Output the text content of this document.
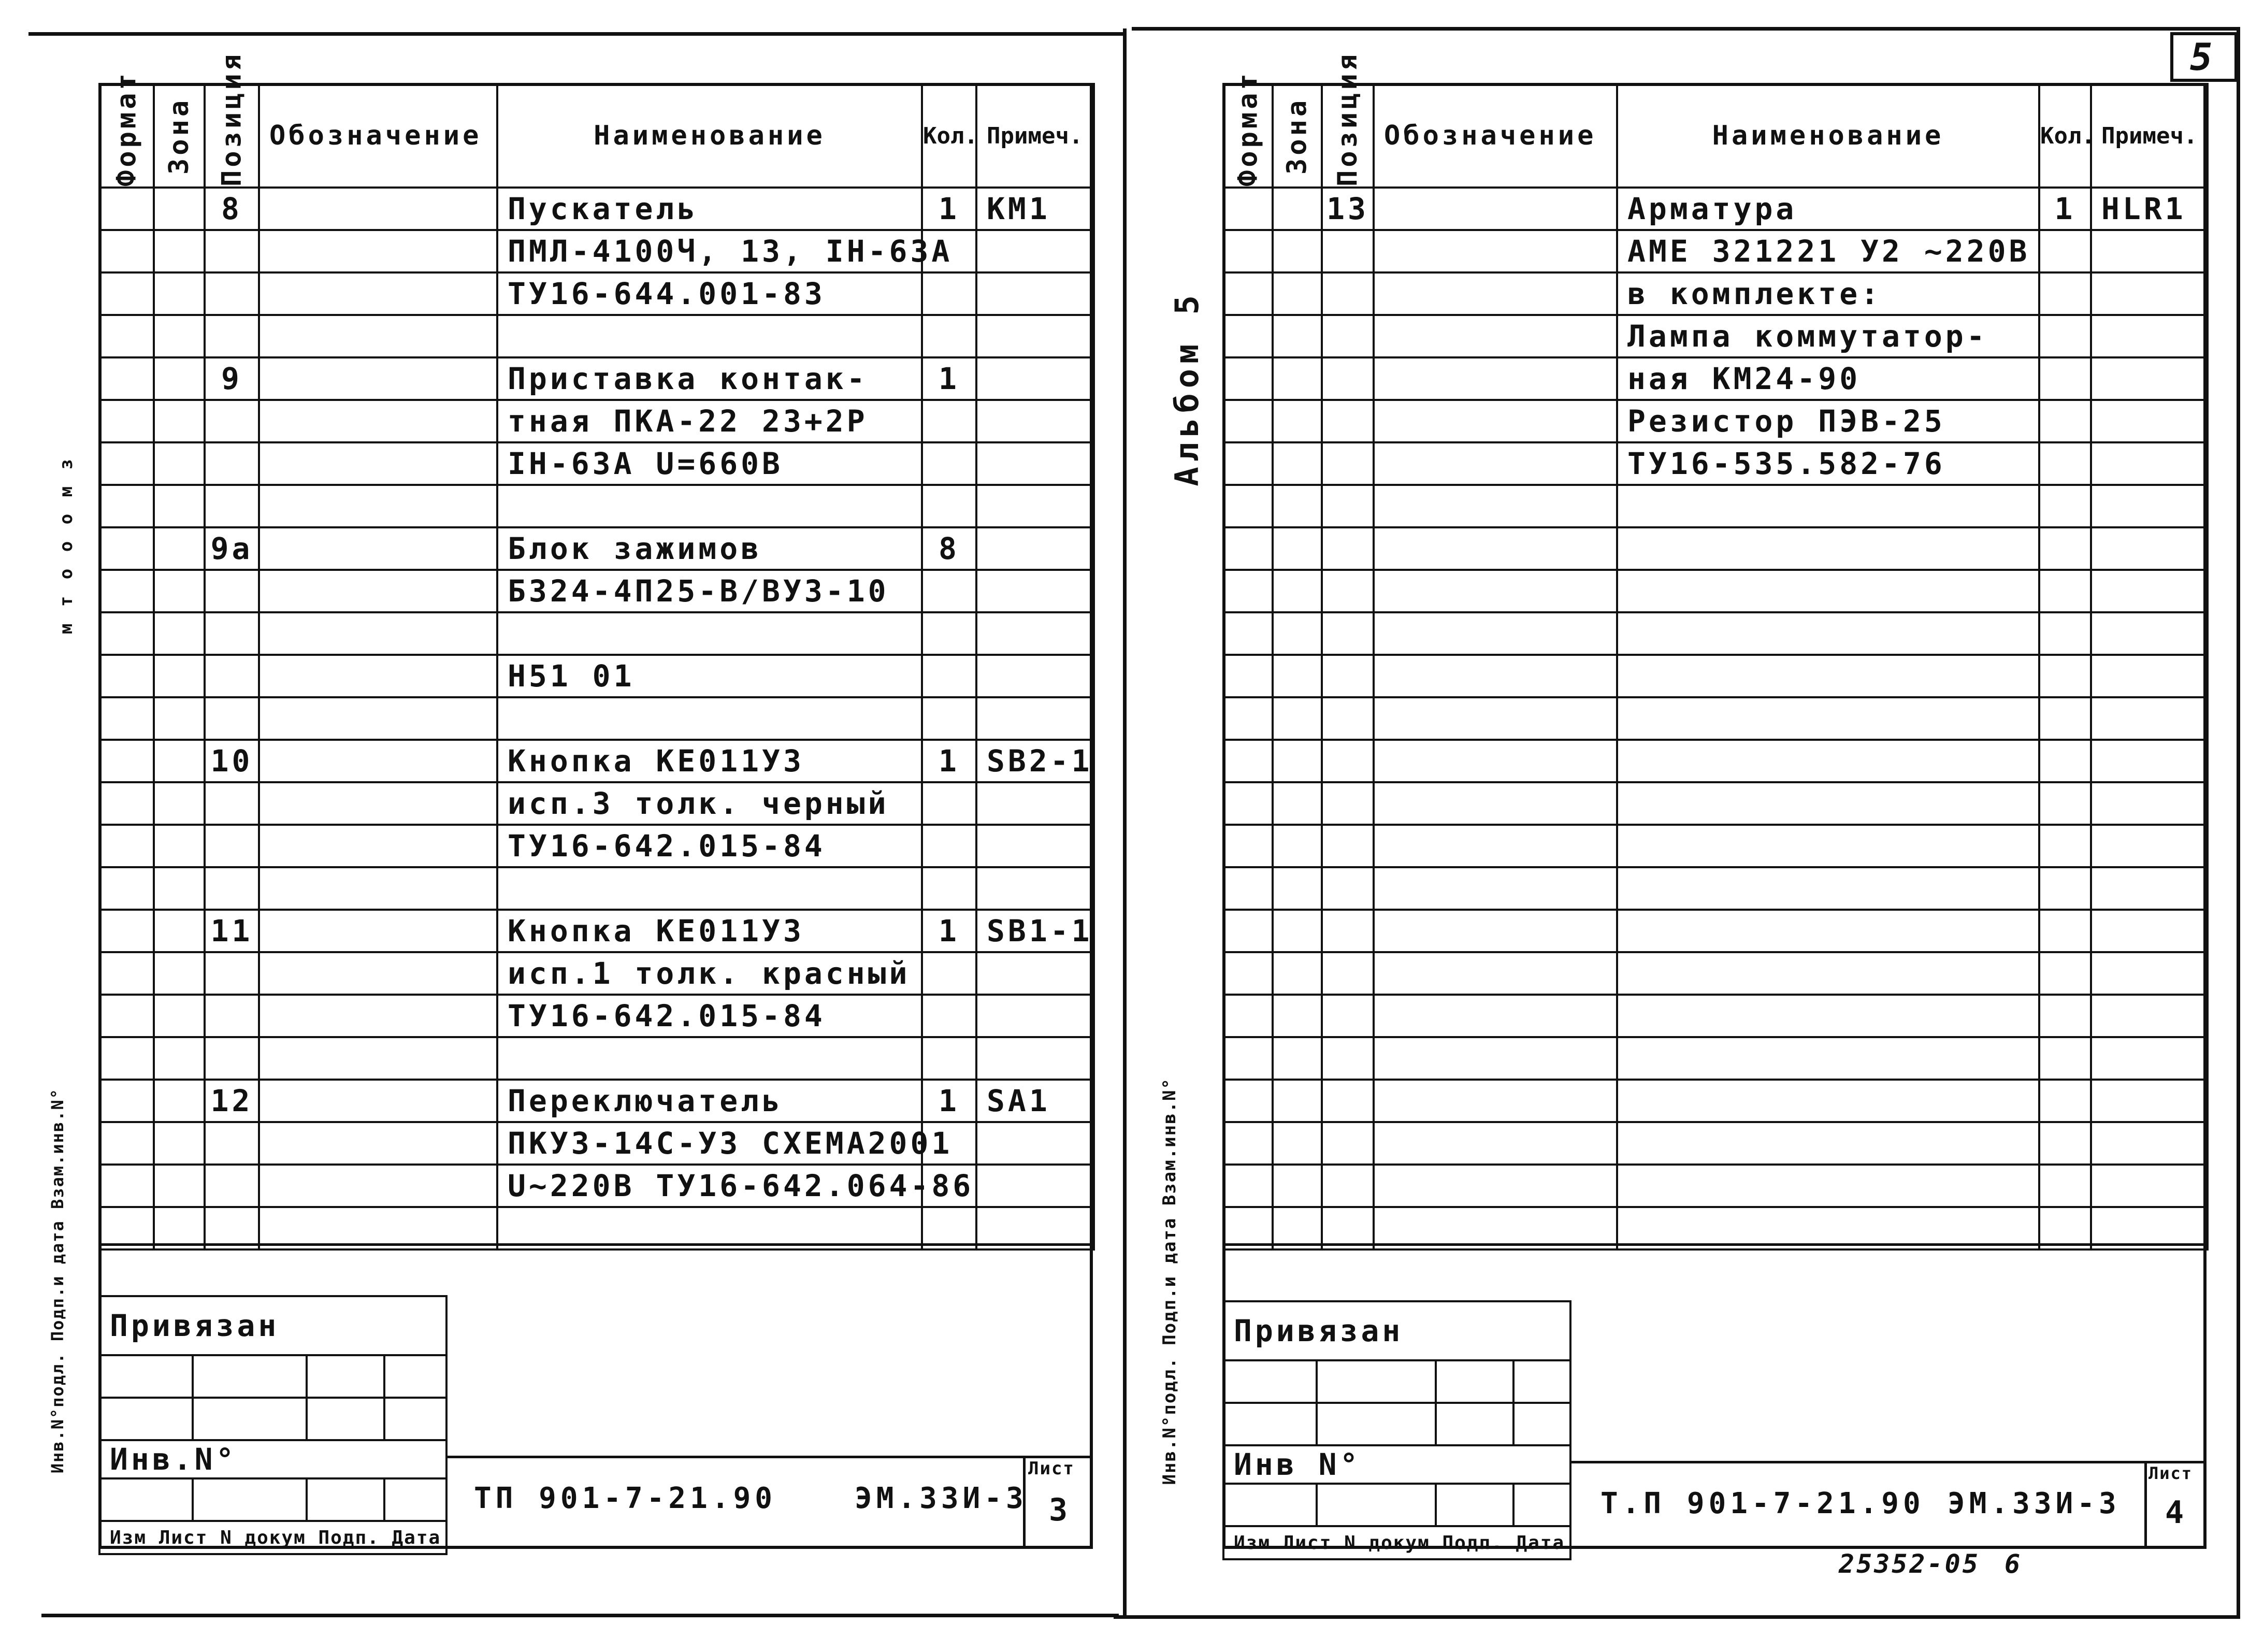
5
Альбом 5
м т о о о м з
Формат	Зона	Позиция	Обозначение	Наименование	Кол.	Примеч.
		8		Пускатель	1	КМ1
				ПМЛ-4100Ч, 13, IН-63А		
				ТУ16-644.001-83		

		9		Приставка контак-	1	
				тная ПКА-22 2З+2Р		
				IН-63А U=660В		

		9а		Блок зажимов	8	
				БЗ24-4П25-В/ВУЗ-10		

				Н51 01		

		10		Кнопка КЕ011УЗ	1	SB2-1
				исп.3 толк. черный		
				ТУ16-642.015-84		

		11		Кнопка КЕ011УЗ	1	SB1-1
				исп.1 толк. красный		
				ТУ16-642.015-84		

		12		Переключатель	1	SA1
				ПКУЗ-14С-УЗ СХЕМА2001		
				U~220В ТУ16-642.064-86		

Привязан			

Инв.N°			

Изм Лист N докум Подп. Дата			
ТП 901-7-21.90	ЭМ.33И-3
Лист
3
Инв.N°подл. Подп.и дата Взам.инв.N°
Формат	Зона	Позиция	Обозначение	Наименование	Кол.	Примеч.
		13		Арматура	1	HLR1
				АМЕ 321221 У2 ~220В		
				в комплекте:		
				Лампа коммутатор-		
				ная КМ24-90		
				Резистор ПЭВ-25		
				ТУ16-535.582-76		

Привязан			

Инв N°			

Изм Лист N докум Подп. Дата			
Т.П 901-7-21.90 ЭМ.33И-3
Лист
4
Инв.N°подл. Подп.и дата Взам.инв.N°
25352-05 6
